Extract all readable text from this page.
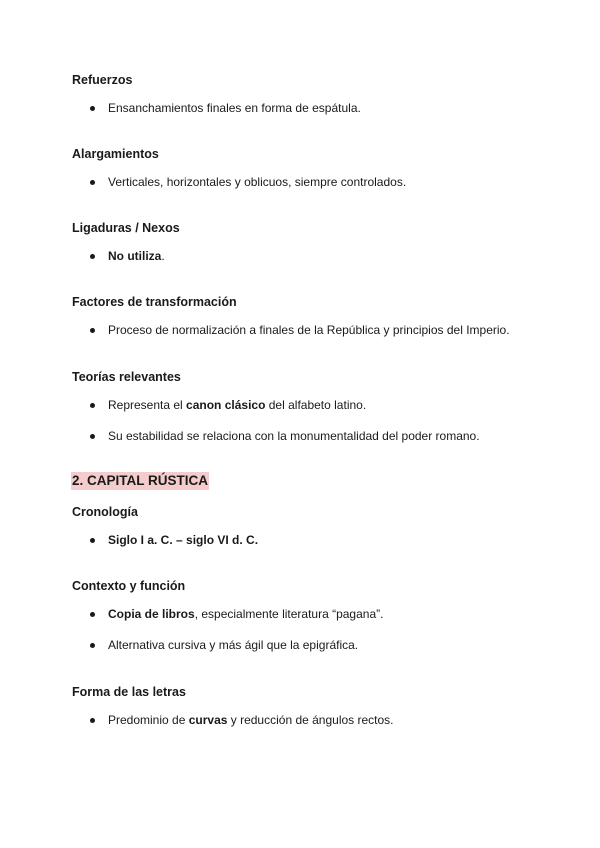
Refuerzos
Ensanchamientos finales en forma de espátula.
Alargamientos
Verticales, horizontales y oblicuos, siempre controlados.
Ligaduras / Nexos
No utiliza.
Factores de transformación
Proceso de normalización a finales de la República y principios del Imperio.
Teorías relevantes
Representa el canon clásico del alfabeto latino.
Su estabilidad se relaciona con la monumentalidad del poder romano.
2. CAPITAL RÚSTICA
Cronología
Siglo I a. C. – siglo VI d. C.
Contexto y función
Copia de libros, especialmente literatura “pagana”.
Alternativa cursiva y más ágil que la epigráfica.
Forma de las letras
Predominio de curvas y reducción de ángulos rectos.
